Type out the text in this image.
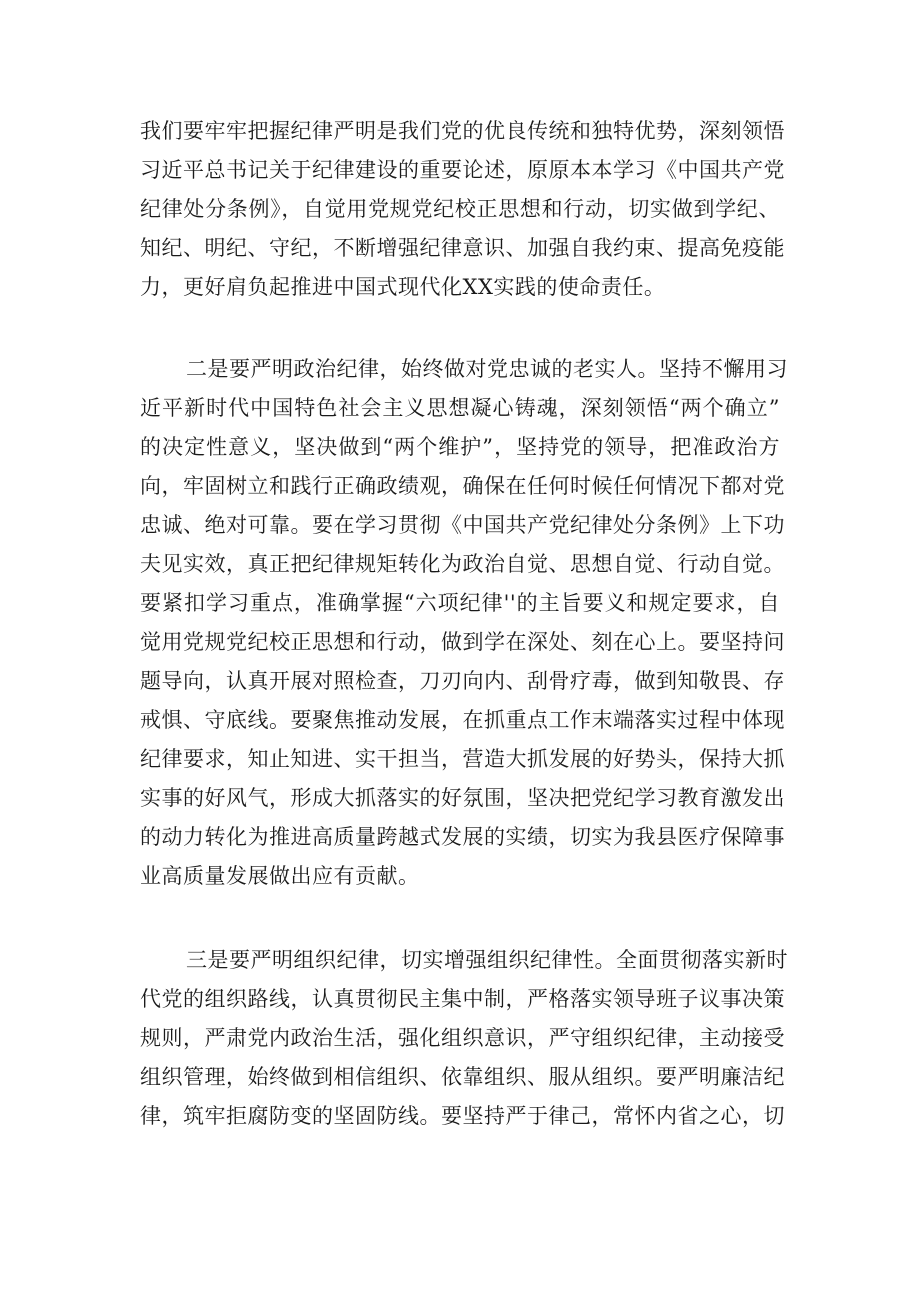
我们要牢牢把握纪律严明是我们党的优良传统和独特优势，深刻领悟
习近平总书记关于纪律建设的重要论述，原原本本学习《中国共产党
纪律处分条例》，自觉用党规党纪校正思想和行动，切实做到学纪、
知纪、明纪、守纪，不断增强纪律意识、加强自我约束、提高免疫能
力，更好肩负起推进中国式现代化XX实践的使命责任。
二是要严明政治纪律，始终做对党忠诚的老实人。坚持不懈用习
近平新时代中国特色社会主义思想凝心铸魂，深刻领悟“两个确立”
的决定性意义，坚决做到“两个维护”，坚持党的领导，把准政治方
向，牢固树立和践行正确政绩观，确保在任何时候任何情况下都对党
忠诚、绝对可靠。要在学习贯彻《中国共产党纪律处分条例》上下功
夫见实效，真正把纪律规矩转化为政治自觉、思想自觉、行动自觉。
要紧扣学习重点，准确掌握“六项纪律''的主旨要义和规定要求，自
觉用党规党纪校正思想和行动，做到学在深处、刻在心上。要坚持问
题导向，认真开展对照检查，刀刃向内、刮骨疗毒，做到知敬畏、存
戒惧、守底线。要聚焦推动发展，在抓重点工作末端落实过程中体现
纪律要求，知止知进、实干担当，营造大抓发展的好势头，保持大抓
实事的好风气，形成大抓落实的好氛围，坚决把党纪学习教育激发出
的动力转化为推进高质量跨越式发展的实绩，切实为我县医疗保障事
业高质量发展做出应有贡献。
三是要严明组织纪律，切实增强组织纪律性。全面贯彻落实新时
代党的组织路线，认真贯彻民主集中制，严格落实领导班子议事决策
规则，严肃党内政治生活，强化组织意识，严守组织纪律，主动接受
组织管理，始终做到相信组织、依靠组织、服从组织。要严明廉洁纪
律，筑牢拒腐防变的坚固防线。要坚持严于律己，常怀内省之心，切
